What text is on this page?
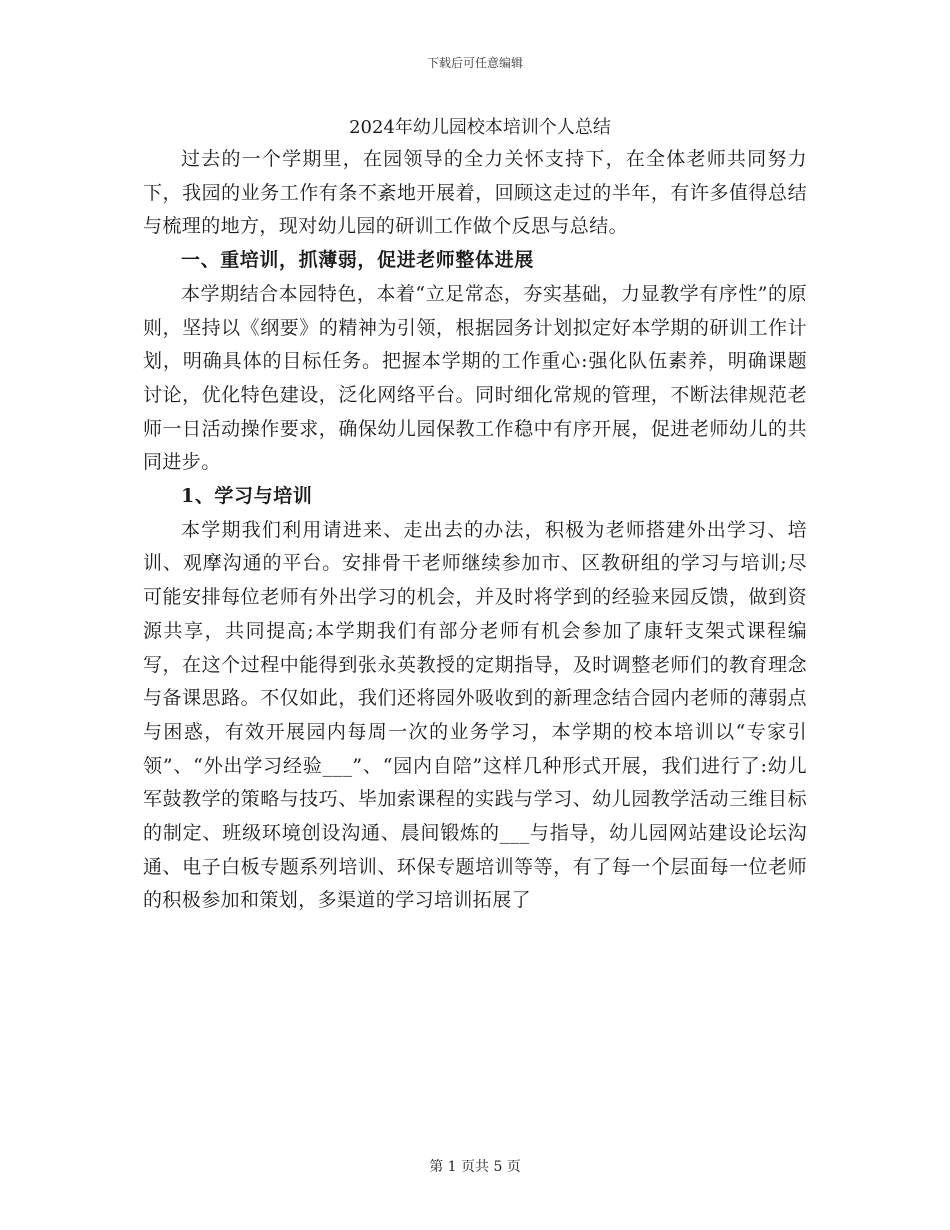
下载后可任意编辑
2024年幼儿园校本培训个人总结

过去的一个学期里，在园领导的全力关怀支持下，在全体老师共同努力下，我园的业务工作有条不紊地开展着，回顾这走过的半年，有许多值得总结与梳理的地方，现对幼儿园的研训工作做个反思与总结。

一、重培训，抓薄弱，促进老师整体进展

本学期结合本园特色，本着“立足常态，夯实基础，力显教学有序性”的原则，坚持以《纲要》的精神为引领，根据园务计划拟定好本学期的研训工作计划，明确具体的目标任务。把握本学期的工作重心:强化队伍素养，明确课题讨论，优化特色建设，泛化网络平台。同时细化常规的管理，不断法律规范老师一日活动操作要求，确保幼儿园保教工作稳中有序开展，促进老师幼儿的共同进步。

1、学习与培训

本学期我们利用请进来、走出去的办法，积极为老师搭建外出学习、培训、观摩沟通的平台。安排骨干老师继续参加市、区教研组的学习与培训;尽可能安排每位老师有外出学习的机会，并及时将学到的经验来园反馈，做到资源共享，共同提高;本学期我们有部分老师有机会参加了康轩支架式课程编写，在这个过程中能得到张永英教授的定期指导，及时调整老师们的教育理念与备课思路。不仅如此，我们还将园外吸收到的新理念结合园内老师的薄弱点与困惑，有效开展园内每周一次的业务学习，本学期的校本培训以“专家引领”、“外出学习经验___”、“园内自陪”这样几种形式开展，我们进行了:幼儿军鼓教学的策略与技巧、毕加索课程的实践与学习、幼儿园教学活动三维目标的制定、班级环境创设沟通、晨间锻炼的___与指导，幼儿园网站建设论坛沟通、电子白板专题系列培训、环保专题培训等等，有了每一个层面每一位老师的积极参加和策划，多渠道的学习培训拓展了

第 1 页共 5 页
